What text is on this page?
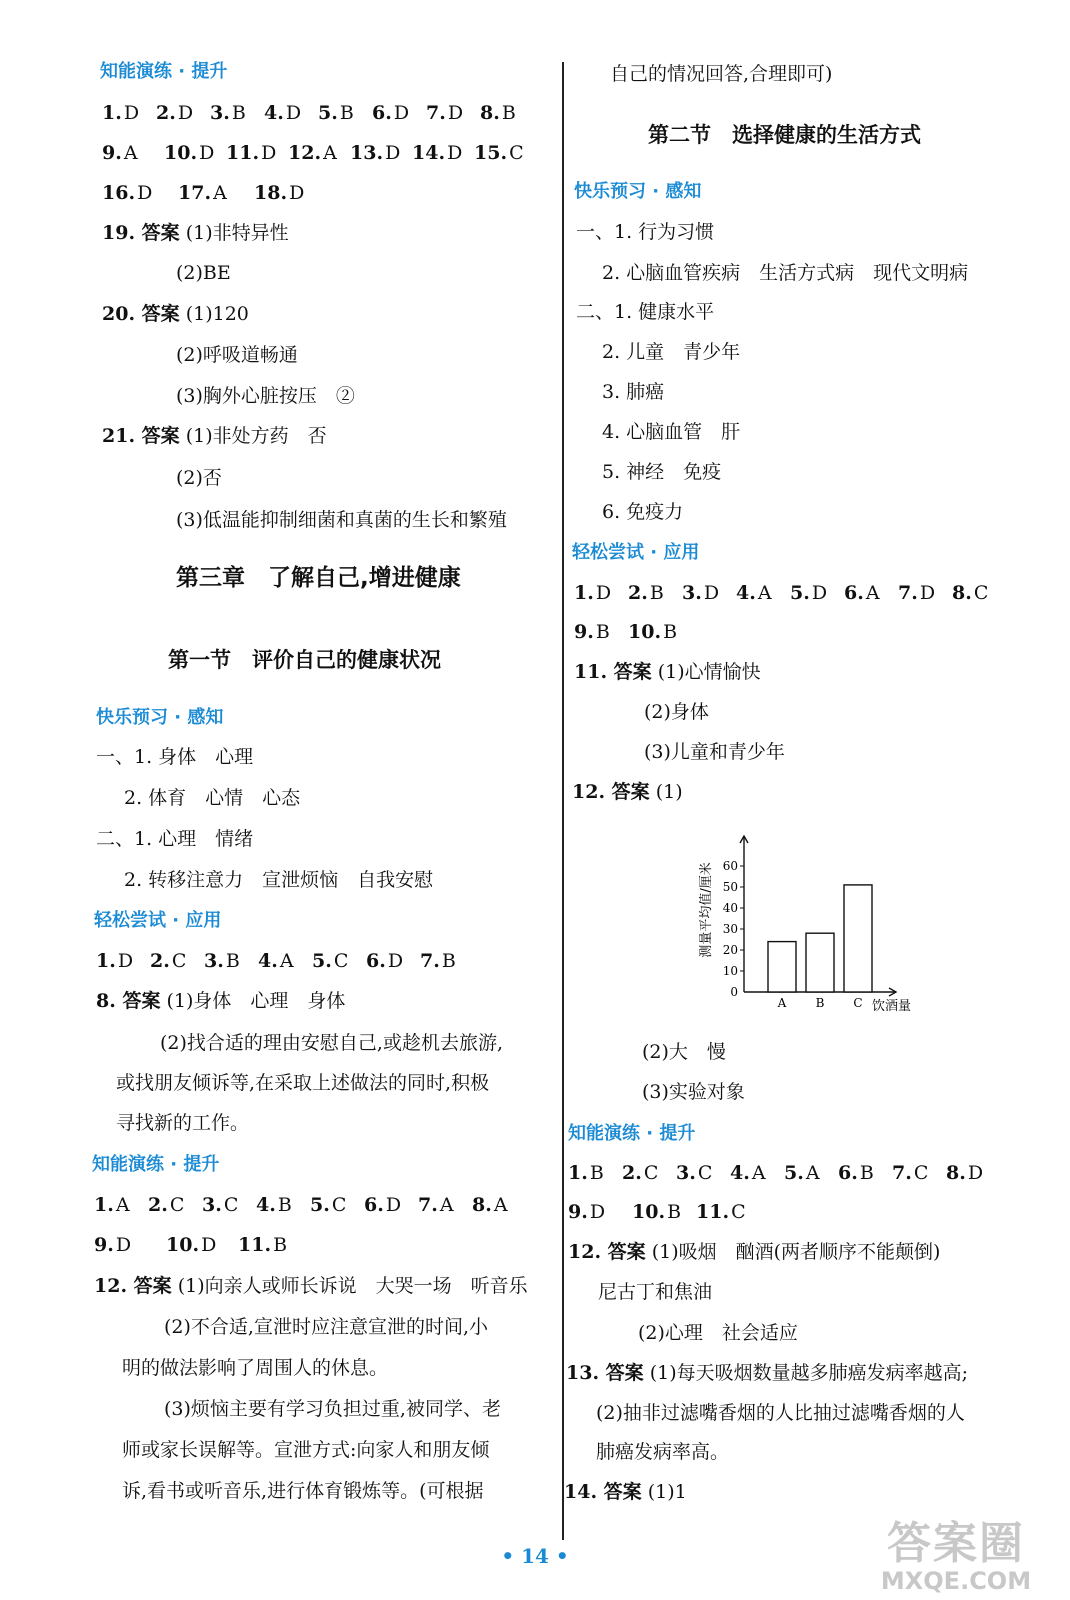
知能演练 · 提升
1. D 2. D 3. B 4. D 5. B 6. D 7. D 8. B
9. A 10. D 11. D 12. A 13. D 14. D 15. C
16. D 17. A 18. D
19. 答案 (1)非特异性
(2)BE
20. 答案 (1)120
(2)呼吸道畅通
(3)胸外心脏按压　②
21. 答案 (1)非处方药　否
(2)否
(3)低温能抑制细菌和真菌的生长和繁殖
第三章　了解自己,增进健康
第一节　评价自己的健康状况
快乐预习 · 感知
一、1. 身体　心理
2. 体育　心情　心态
二、1. 心理　情绪
2. 转移注意力　宣泄烦恼　自我安慰
轻松尝试 · 应用
1. D 2. C 3. B 4. A 5. C 6. D 7. B
8. 答案 (1)身体　心理　身体
(2)找合适的理由安慰自己,或趁机去旅游,
或找朋友倾诉等,在采取上述做法的同时,积极
寻找新的工作。
知能演练 · 提升
1. A 2. C 3. C 4. B 5. C 6. D 7. A 8. A
9. D 10. D 11. B
12. 答案 (1)向亲人或师长诉说　大哭一场　听音乐
(2)不合适,宣泄时应注意宣泄的时间,小
明的做法影响了周围人的休息。
(3)烦恼主要有学习负担过重,被同学、老
师或家长误解等。宣泄方式:向家人和朋友倾
诉,看书或听音乐,进行体育锻炼等。(可根据
自己的情况回答,合理即可)
第二节　选择健康的生活方式
快乐预习 · 感知
一、1. 行为习惯
2. 心脑血管疾病　生活方式病　现代文明病
二、1. 健康水平
2. 儿童　青少年
3. 肺癌
4. 心脑血管　肝
5. 神经　免疫
6. 免疫力
轻松尝试 · 应用
1. D 2. B 3. D 4. A 5. D 6. A 7. D 8. C
9. B 10. B
11. 答案 (1)心情愉快
(2)身体
(3)儿童和青少年
12. 答案 (1)
0
10
20
30
40
50
60
A B C 饮酒量
测量平均值/厘米
(2)大　慢
(3)实验对象
知能演练 · 提升
1. B 2. C 3. C 4. A 5. A 6. B 7. C 8. D
9. D 10. B 11. C
12. 答案 (1)吸烟　酗酒(两者顺序不能颠倒)
尼古丁和焦油
(2)心理　社会适应
13. 答案 (1)每天吸烟数量越多肺癌发病率越高;
(2)抽非过滤嘴香烟的人比抽过滤嘴香烟的人
肺癌发病率高。
14. 答案 (1)1
• 14 •	答案圈
MXQE.COM
